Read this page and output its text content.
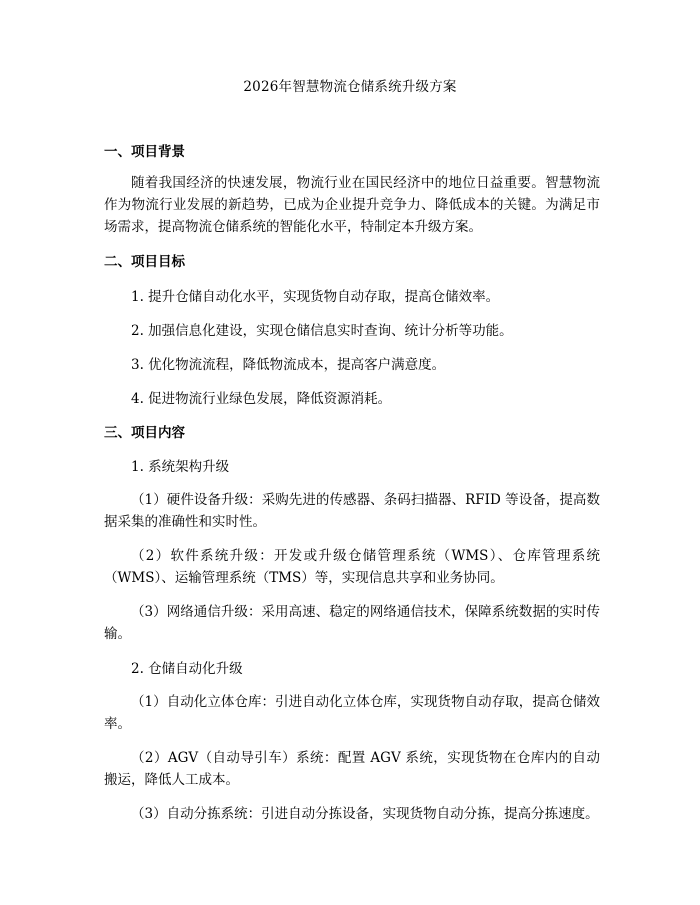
2026年智慧物流仓储系统升级方案

一、项目背景

随着我国经济的快速发展，物流行业在国民经济中的地位日益重要。智慧物流作为物流行业发展的新趋势，已成为企业提升竞争力、降低成本的关键。为满足市场需求，提高物流仓储系统的智能化水平，特制定本升级方案。

二、项目目标

1. 提升仓储自动化水平，实现货物自动存取，提高仓储效率。

2. 加强信息化建设，实现仓储信息实时查询、统计分析等功能。

3. 优化物流流程，降低物流成本，提高客户满意度。

4. 促进物流行业绿色发展，降低资源消耗。

三、项目内容

1. 系统架构升级

（1）硬件设备升级：采购先进的传感器、条码扫描器、RFID 等设备，提高数据采集的准确性和实时性。

（2）软件系统升级：开发或升级仓储管理系统（WMS）、仓库管理系统（WMS）、运输管理系统（TMS）等，实现信息共享和业务协同。

（3）网络通信升级：采用高速、稳定的网络通信技术，保障系统数据的实时传输。

2. 仓储自动化升级

（1）自动化立体仓库：引进自动化立体仓库，实现货物自动存取，提高仓储效率。

（2）AGV（自动导引车）系统：配置 AGV 系统，实现货物在仓库内的自动搬运，降低人工成本。

（3）自动分拣系统：引进自动分拣设备，实现货物自动分拣，提高分拣速度。
